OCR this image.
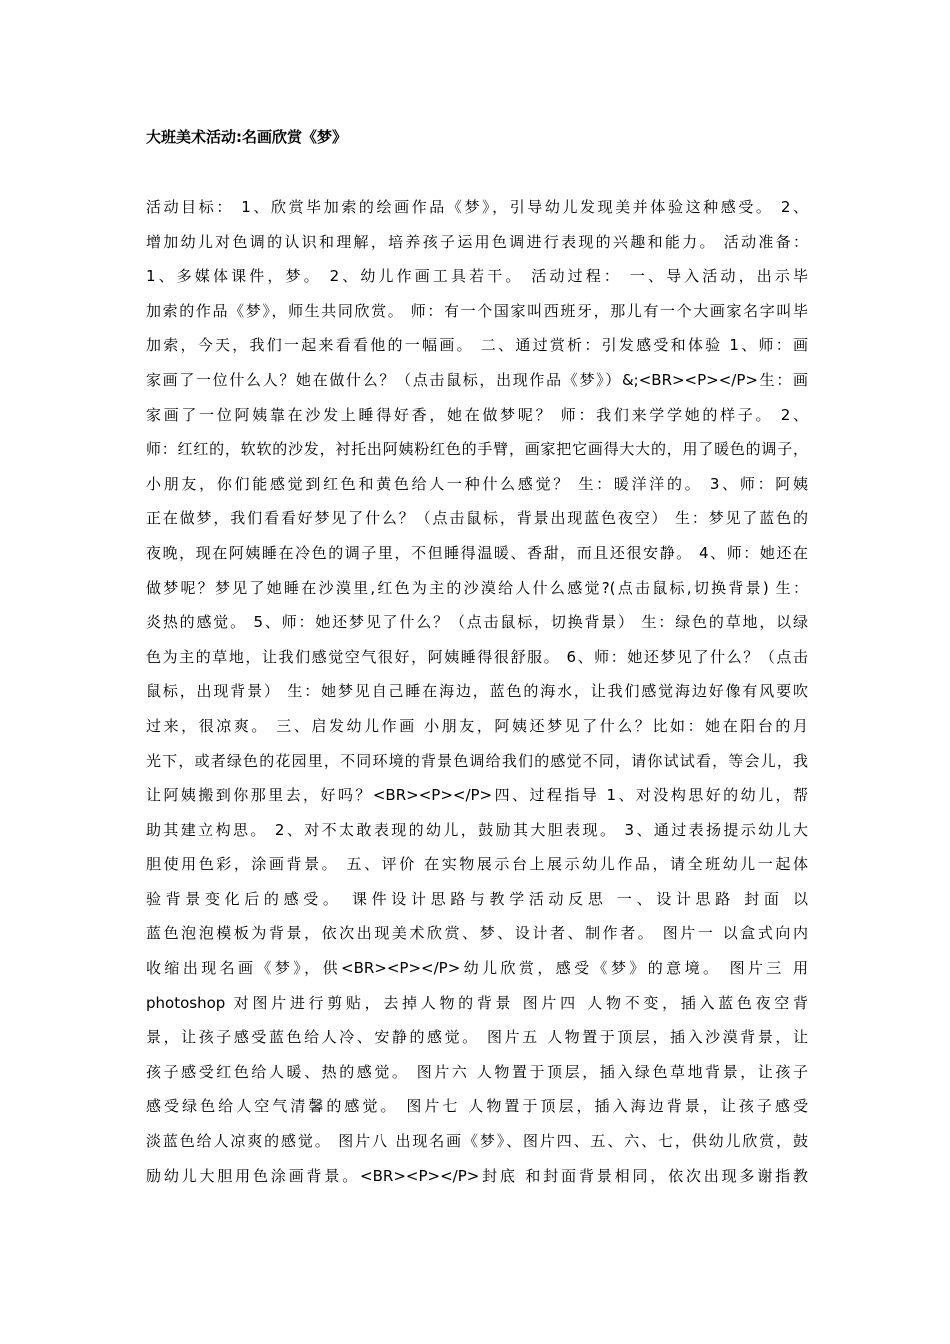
大班美术活动:名画欣赏《梦》
活动目标： 1、欣赏毕加索的绘画作品《梦》，引导幼儿发现美并体验这种感受。 2、
增加幼儿对色调的认识和理解，培养孩子运用色调进行表现的兴趣和能力。 活动准备：
1、多媒体课件，梦。 2、幼儿作画工具若干。 活动过程： 一、导入活动，出示毕
加索的作品《梦》，师生共同欣赏。 师：有一个国家叫西班牙，那儿有一个大画家名字叫毕
加索，今天，我们一起来看看他的一幅画。 二、通过赏析：引发感受和体验 1、师：画
家画了一位什么人？她在做什么？（点击鼠标，出现作品《梦》）&;<BR><P></P>生：画
家画了一位阿姨靠在沙发上睡得好香，她在做梦呢？ 师：我们来学学她的样子。 2、
师：红红的，软软的沙发，衬托出阿姨粉红色的手臂，画家把它画得大大的，用了暖色的调子，
小朋友，你们能感觉到红色和黄色给人一种什么感觉？ 生：暖洋洋的。 3、师：阿姨
正在做梦，我们看看好梦见了什么？（点击鼠标，背景出现蓝色夜空） 生：梦见了蓝色的
夜晚，现在阿姨睡在冷色的调子里，不但睡得温暖、香甜，而且还很安静。 4、师：她还在
做梦呢？梦见了她睡在沙漠里,红色为主的沙漠给人什么感觉?(点击鼠标,切换背景) 生：
炎热的感觉。 5、师：她还梦见了什么？（点击鼠标，切换背景） 生：绿色的草地，以绿
色为主的草地，让我们感觉空气很好，阿姨睡得很舒服。 6、师：她还梦见了什么？（点击
鼠标，出现背景） 生：她梦见自己睡在海边，蓝色的海水，让我们感觉海边好像有风要吹
过来，很凉爽。 三、启发幼儿作画 小朋友，阿姨还梦见了什么？比如：她在阳台的月
光下，或者绿色的花园里，不同环境的背景色调给我们的感觉不同，请你试试看，等会儿，我
让阿姨搬到你那里去，好吗？<BR><P></P>四、过程指导 1、对没构思好的幼儿，帮
助其建立构思。 2、对不太敢表现的幼儿，鼓励其大胆表现。 3、通过表扬提示幼儿大
胆使用色彩，涂画背景。 五、评价 在实物展示台上展示幼儿作品，请全班幼儿一起体
验背景变化后的感受。 课件设计思路与教学活动反思 一、设计思路 封面 以
蓝色泡泡模板为背景，依次出现美术欣赏、梦、设计者、制作者。 图片一 以盒式向内
收缩出现名画《梦》，供<BR><P></P>幼儿欣赏，感受《梦》的意境。 图片三 用
photoshop 对图片进行剪贴，去掉人物的背景 图片四 人物不变，插入蓝色夜空背
景，让孩子感受蓝色给人冷、安静的感觉。 图片五 人物置于顶层，插入沙漠背景，让
孩子感受红色给人暖、热的感觉。 图片六 人物置于顶层，插入绿色草地背景，让孩子
感受绿色给人空气清馨的感觉。 图片七 人物置于顶层，插入海边背景，让孩子感受
淡蓝色给人凉爽的感觉。 图片八 出现名画《梦》、图片四、五、六、七，供幼儿欣赏，鼓
励幼儿大胆用色涂画背景。<BR><P></P>封底 和封面背景相同，依次出现多谢指教
